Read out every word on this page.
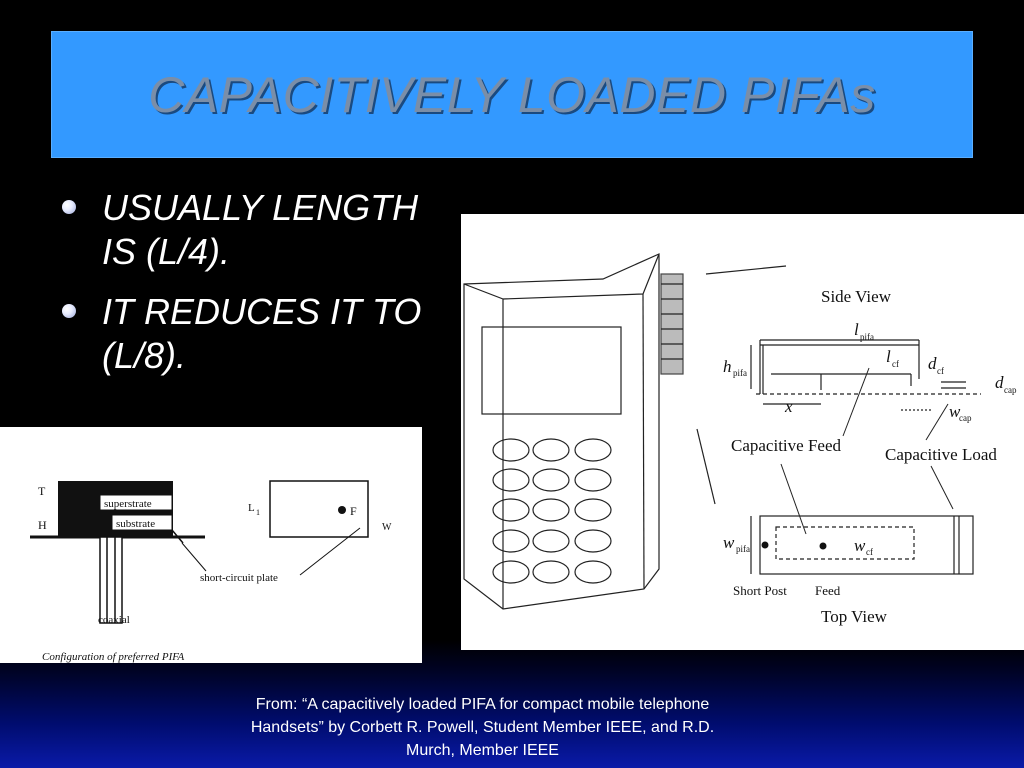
CAPACITIVELY LOADED PIFAs
USUALLY LENGTH
IS (L/4).
IT REDUCES IT TO
(L/8).
Side View
l pifa
h pifa
l cf d cf
d cap
w
cap
x
Capacitive Feed	Capacitive Load
w pifa	w cf
Short Post Feed
Top View
T
H
superstrate
substrate
L 1	F
W
short-circuit plate
coaxial
Configuration of preferred PIFA
From: “A capacitively loaded PIFA for compact mobile telephone
Handsets” by Corbett R. Powell, Student Member IEEE, and R.D.
Murch, Member IEEE
